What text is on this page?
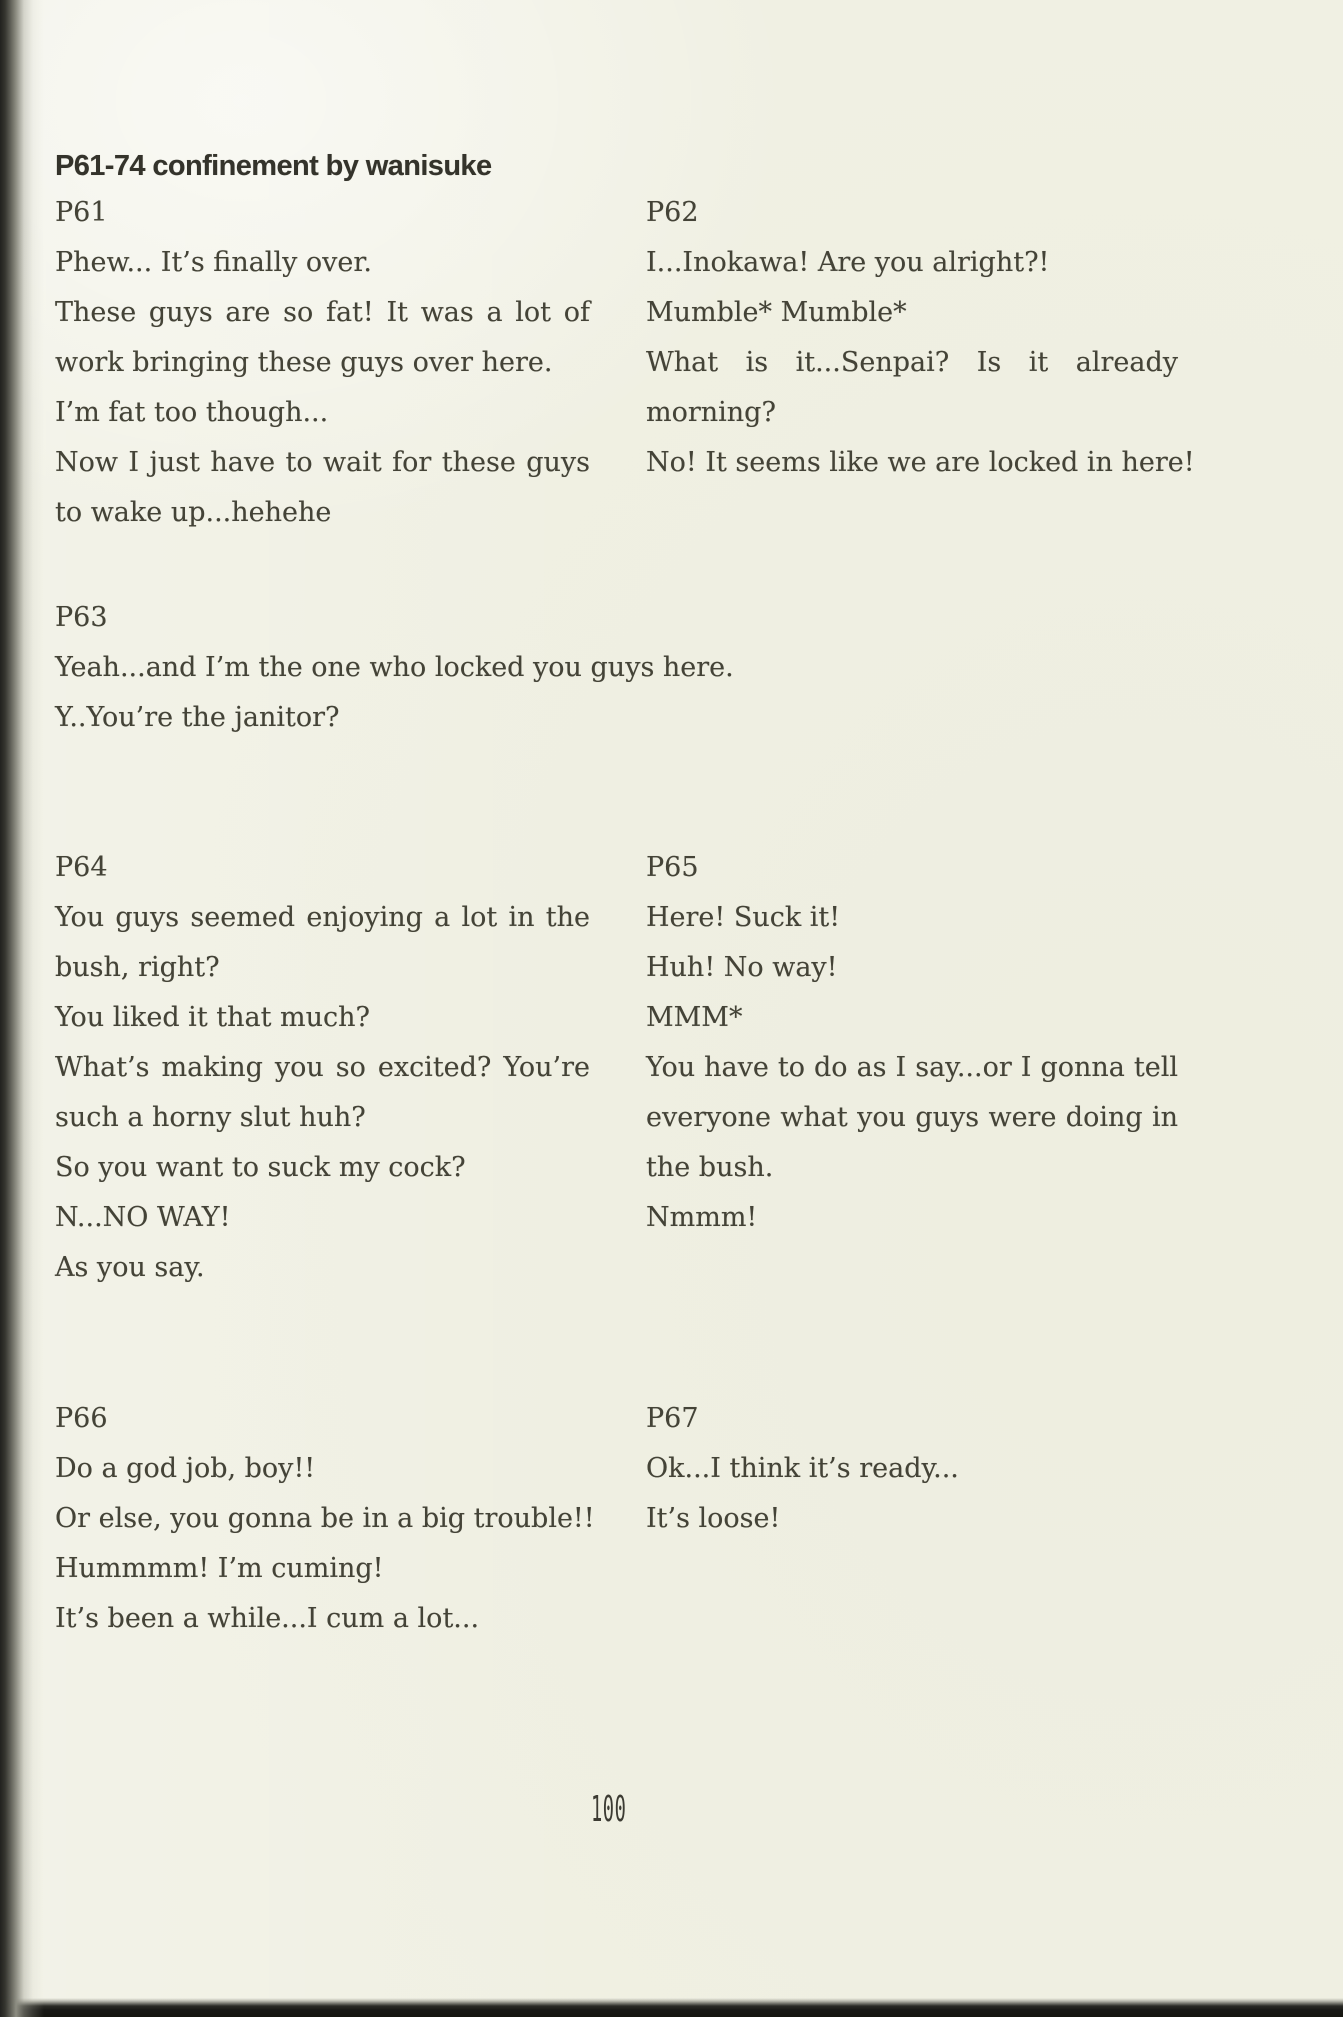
P61-74 confinement by wanisuke
P61
Phew... It’s finally over.
These guys are so fat! It was a lot of
work bringing these guys over here.
I’m fat too though...
Now I just have to wait for these guys
to wake up...hehehe
P62
I...Inokawa! Are you alright?!
Mumble* Mumble*
What is it...Senpai? Is it already
morning?
No! It seems like we are locked in here!
P63
Yeah...and I’m the one who locked you guys here.
Y..You’re the janitor?
P64
You guys seemed enjoying a lot in the
bush, right?
You liked it that much?
What’s making you so excited? You’re
such a horny slut huh?
So you want to suck my cock?
N...NO WAY!
As you say.
P65
Here! Suck it!
Huh! No way!
MMM*
You have to do as I say...or I gonna tell
everyone what you guys were doing in
the bush.
Nmmm!
P66
Do a god job, boy!!
Or else, you gonna be in a big trouble!!
Hummmm! I’m cuming!
It’s been a while...I cum a lot...
P67
Ok...I think it’s ready...
It’s loose!
100
